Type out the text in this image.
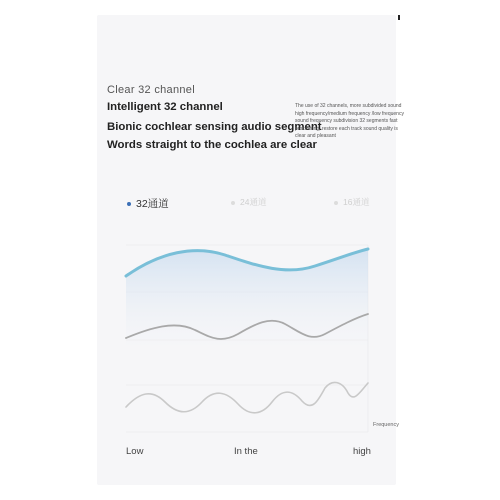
Clear 32 channel
Intelligent 32 channel
Bionic cochlear sensing audio segment
Words straight to the cochlea are clear
The use of 32 channels, more subdivided sound high frequency/medium frequency /low frequency sound frequency subdivision 32 segments fast processing, restore each track sound quality is clear and pleasant
32通道	24通道	16通道
Frequency
Low	In the	high
